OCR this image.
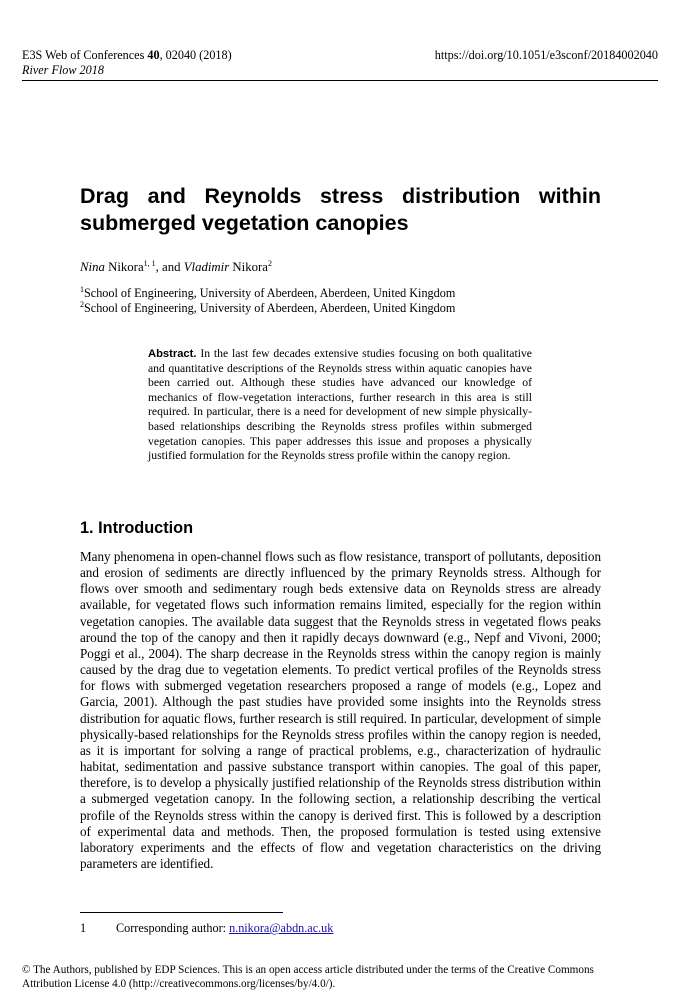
E3S Web of Conferences 40, 02040 (2018)
River Flow 2018
https://doi.org/10.1051/e3sconf/20184002040
Drag and Reynolds stress distribution within submerged vegetation canopies
Nina Nikora$^{1, 1}$, and Vladimir Nikora$^2$
$^1$School of Engineering, University of Aberdeen, Aberdeen, United Kingdom
$^2$School of Engineering, University of Aberdeen, Aberdeen, United Kingdom
Abstract. In the last few decades extensive studies focusing on both qualitative and quantitative descriptions of the Reynolds stress within aquatic canopies have been carried out. Although these studies have advanced our knowledge of mechanics of flow-vegetation interactions, further research in this area is still required. In particular, there is a need for development of new simple physically-based relationships describing the Reynolds stress profiles within submerged vegetation canopies. This paper addresses this issue and proposes a physically justified formulation for the Reynolds stress profile within the canopy region.
1. Introduction
Many phenomena in open-channel flows such as flow resistance, transport of pollutants, deposition and erosion of sediments are directly influenced by the primary Reynolds stress. Although for flows over smooth and sedimentary rough beds extensive data on Reynolds stress are already available, for vegetated flows such information remains limited, especially for the region within vegetation canopies. The available data suggest that the Reynolds stress in vegetated flows peaks around the top of the canopy and then it rapidly decays downward (e.g., Nepf and Vivoni, 2000; Poggi et al., 2004). The sharp decrease in the Reynolds stress within the canopy region is mainly caused by the drag due to vegetation elements. To predict vertical profiles of the Reynolds stress for flows with submerged vegetation researchers proposed a range of models (e.g., Lopez and Garcia, 2001). Although the past studies have provided some insights into the Reynolds stress distribution for aquatic flows, further research is still required. In particular, development of simple physically-based relationships for the Reynolds stress profiles within the canopy region is needed, as it is important for solving a range of practical problems, e.g., characterization of hydraulic habitat, sedimentation and passive substance transport within canopies. The goal of this paper, therefore, is to develop a physically justified relationship of the Reynolds stress distribution within a submerged vegetation canopy. In the following section, a relationship describing the vertical profile of the Reynolds stress within the canopy is derived first. This is followed by a description of experimental data and methods. Then, the proposed formulation is tested using extensive laboratory experiments and the effects of flow and vegetation characteristics on the driving parameters are identified.
1 Corresponding author: n.nikora@abdn.ac.uk
© The Authors, published by EDP Sciences. This is an open access article distributed under the terms of the Creative Commons
Attribution License 4.0 (http://creativecommons.org/licenses/by/4.0/).
